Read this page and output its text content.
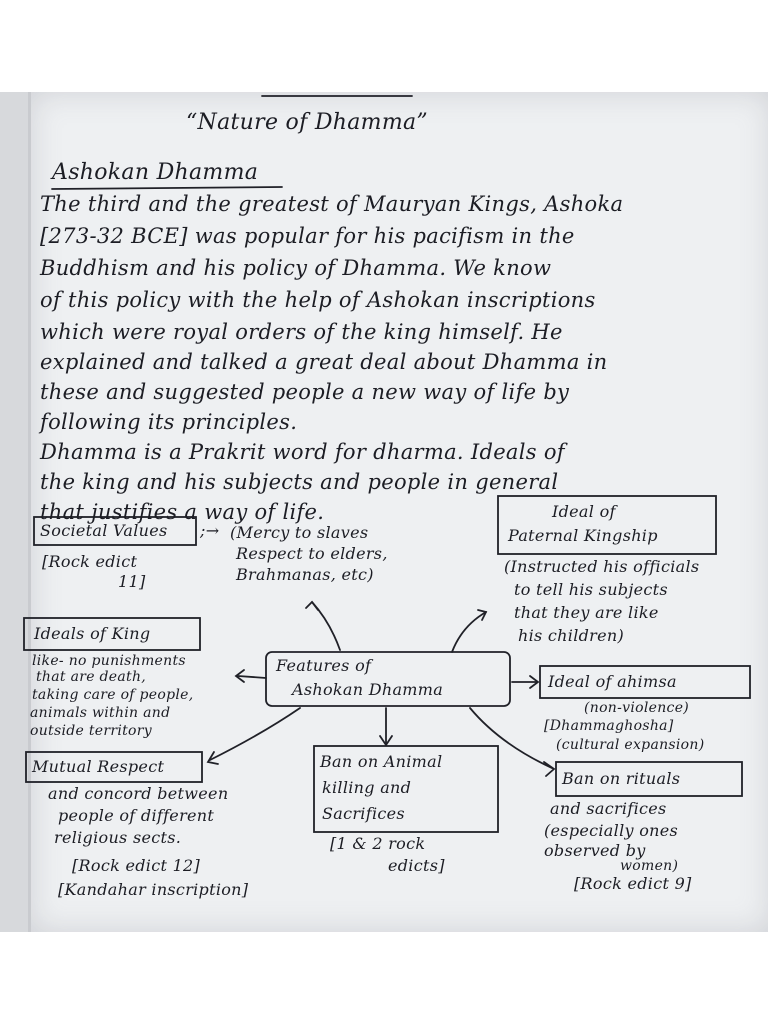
“Nature of Dhamma”
Ashokan Dhamma
The third and the greatest of Mauryan Kings, Ashoka
[273-32 BCE] was popular for his pacifism in the
Buddhism and his policy of Dhamma. We know
of this policy with the help of Ashokan inscriptions
which were royal orders of the king himself. He
explained and talked a great deal about Dhamma in
these and suggested people a new way of life by
following its principles.
Dhamma is a Prakrit word for dharma. Ideals of
the king and his subjects and people in general
that justifies a way of life.
Societal Values ;→
[Rock edict
11]
(Mercy to slaves
Respect to elders,
Brahmanas, etc)
Ideal of
Paternal Kingship
(Instructed his officials
to tell his subjects
that they are like
his children)
Ideals of King
like- no punishments
that are death,
taking care of people,
animals within and
outside territory
Features of
Ashokan Dhamma	Ideal of ahimsa
(non-violence)
[Dhammaghosha]
(cultural expansion)
Mutual Respect
and concord between
people of different
religious sects.
[Rock edict 12]
[Kandahar inscription]
Ban on Animal
killing and
Sacrifices
[1 & 2 rock
edicts]
Ban on rituals
and sacrifices
(especially ones
observed by
women)
[Rock edict 9]
